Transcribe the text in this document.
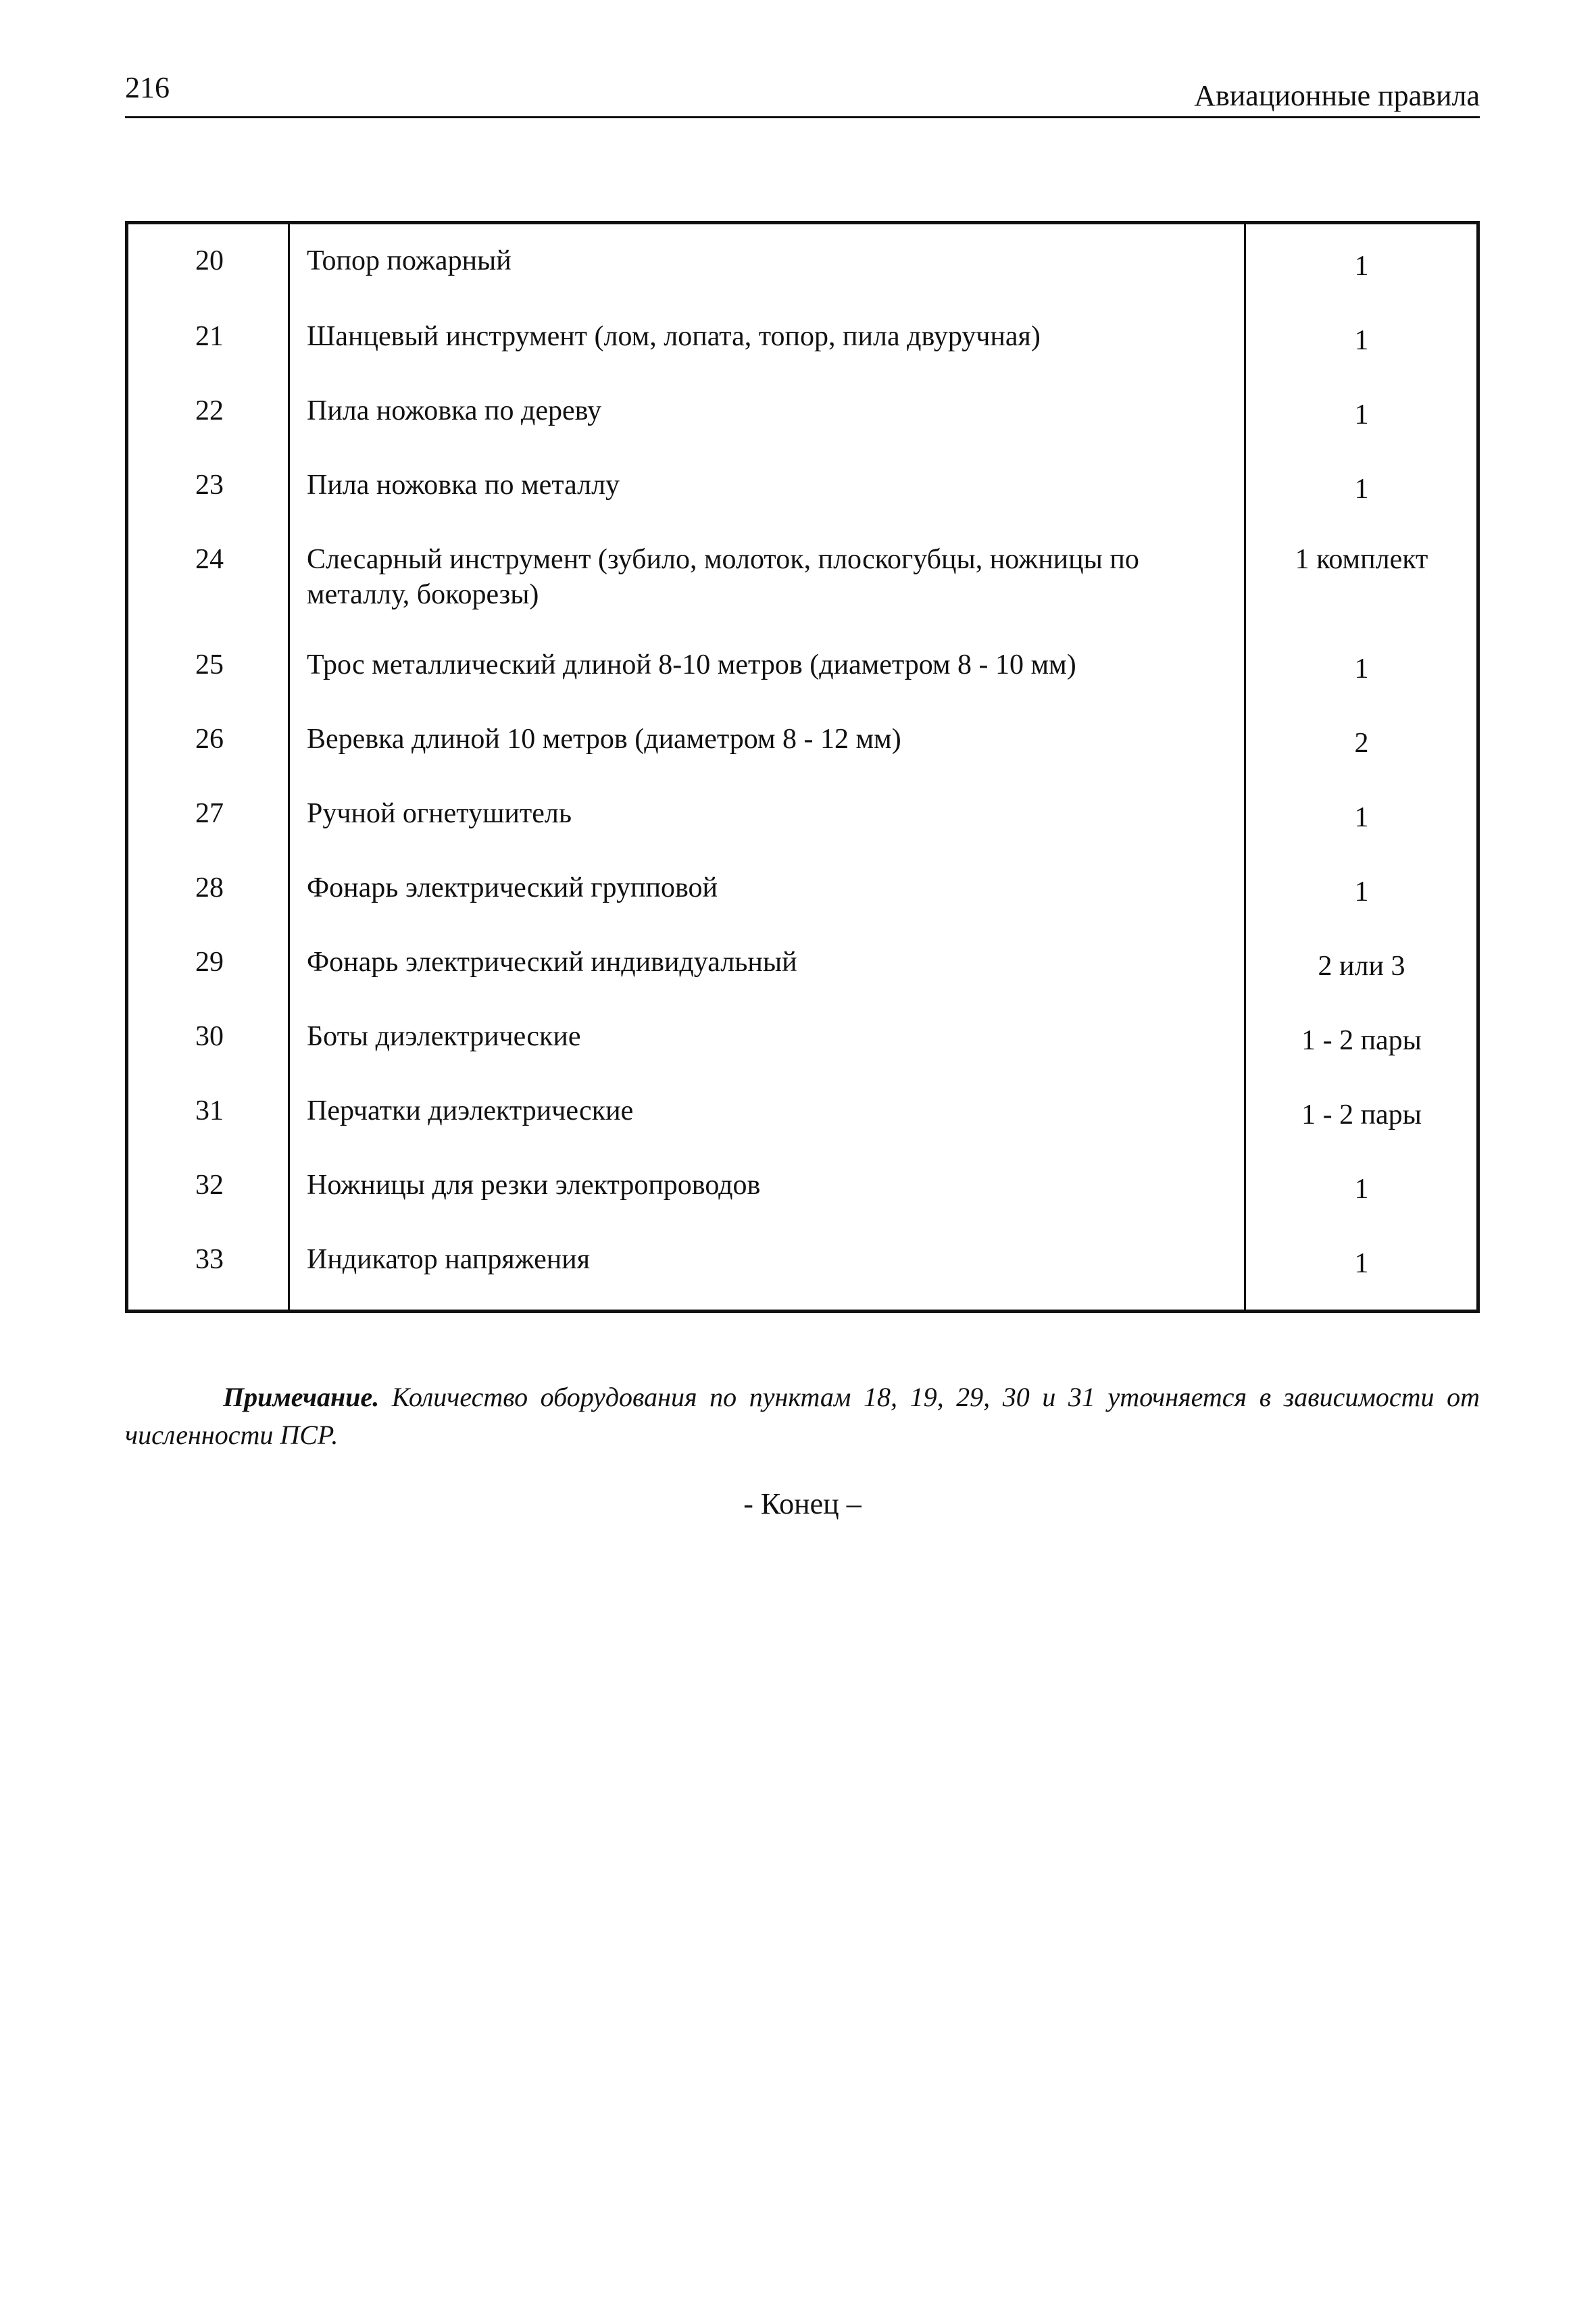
216	Авиационные правила
20	Топор пожарный	1
21	Шанцевый инструмент (лом, лопата, топор, пила двуручная)	1
22	Пила ножовка по дереву	1
23	Пила ножовка по металлу	1
24	Слесарный инструмент (зубило, молоток, плоскогубцы, ножницы по металлу, бокорезы)	1 комплект
25	Трос металлический длиной 8-10 метров (диаметром 8 - 10 мм)	1
26	Веревка длиной 10 метров (диаметром 8 - 12 мм)	2
27	Ручной огнетушитель	1
28	Фонарь электрический групповой	1
29	Фонарь электрический индивидуальный	2 или 3
30	Боты диэлектрические	1 - 2 пары
31	Перчатки диэлектрические	1 - 2 пары
32	Ножницы для резки электропроводов	1
33	Индикатор напряжения	1
Примечание. Количество оборудования по пунктам 18, 19, 29, 30 и 31 уточняется в зависимости от численности ПСР.
- Конец –
